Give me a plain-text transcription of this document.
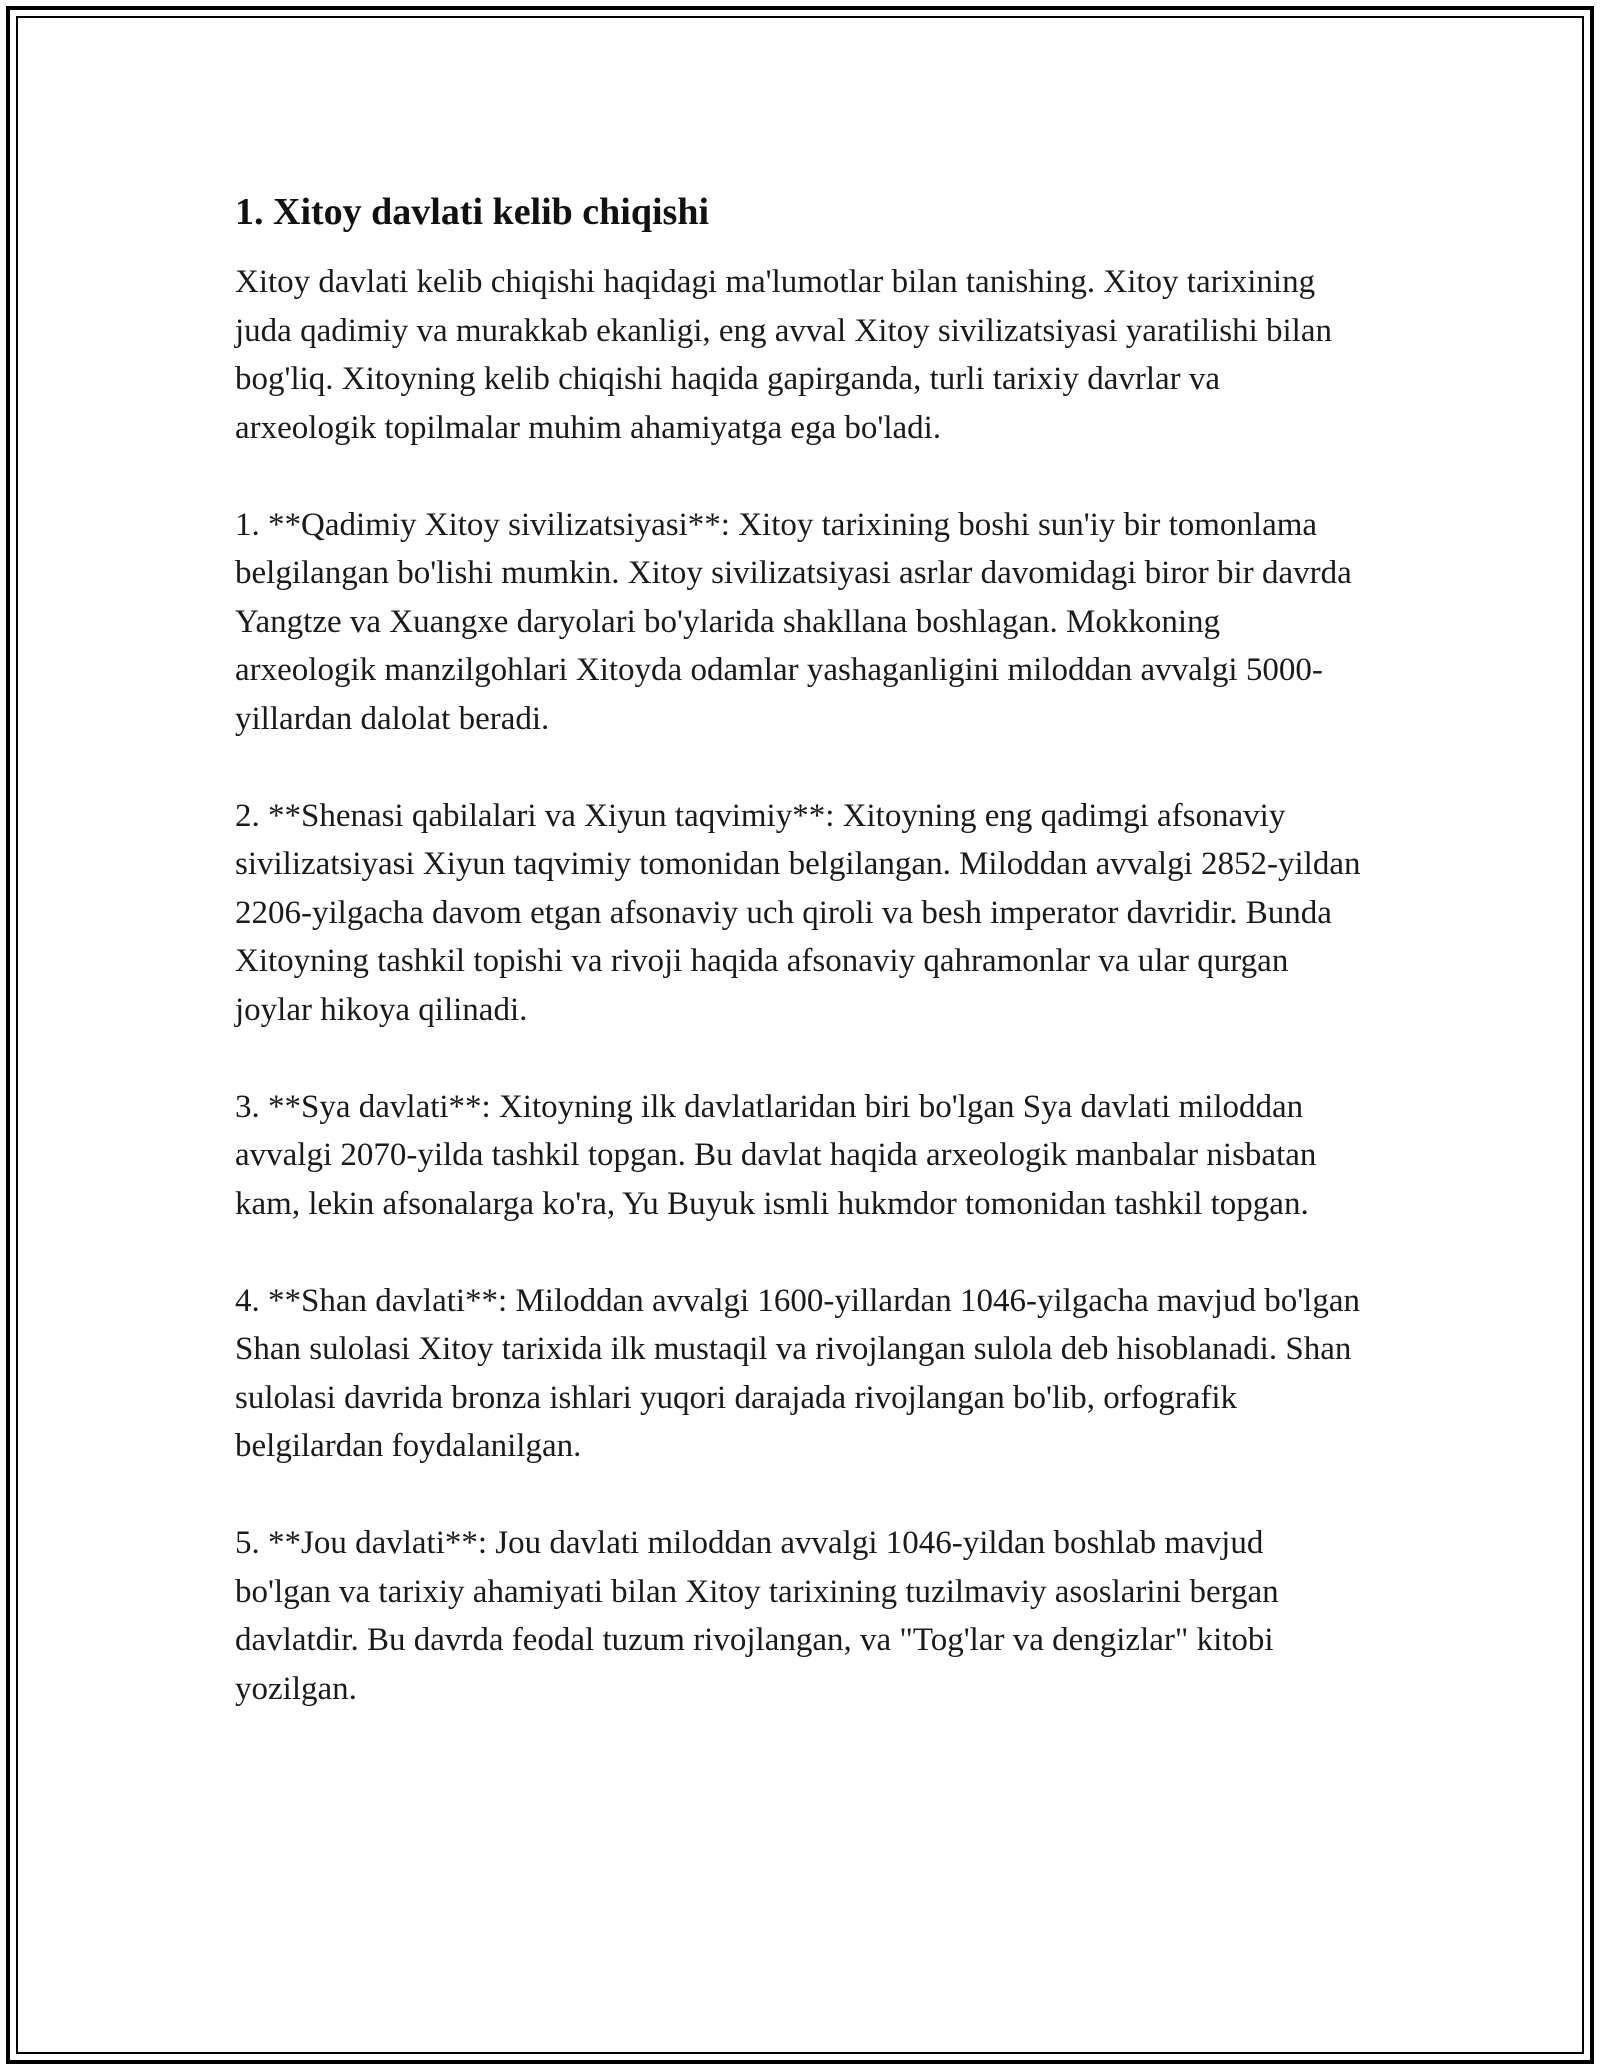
1. Xitoy davlati kelib chiqishi

Xitoy davlati kelib chiqishi haqidagi ma'lumotlar bilan tanishing. Xitoy tarixining juda qadimiy va murakkab ekanligi, eng avval Xitoy sivilizatsiyasi yaratilishi bilan bog'liq. Xitoyning kelib chiqishi haqida gapirganda, turli tarixiy davrlar va arxeologik topilmalar muhim ahamiyatga ega bo'ladi.

1. **Qadimiy Xitoy sivilizatsiyasi**: Xitoy tarixining boshi sun'iy bir tomonlama belgilangan bo'lishi mumkin. Xitoy sivilizatsiyasi asrlar davomidagi biror bir davrda Yangtze va Xuangxe daryolari bo'ylarida shakllana boshlagan. Mokkoning arxeologik manzilgohlari Xitoyda odamlar yashaganligini miloddan avvalgi 5000-yillardan dalolat beradi.

2. **Shenasi qabilalari va Xiyun taqvimiy**: Xitoyning eng qadimgi afsonaviy sivilizatsiyasi Xiyun taqvimiy tomonidan belgilangan. Miloddan avvalgi 2852-yildan 2206-yilgacha davom etgan afsonaviy uch qiroli va besh imperator davridir. Bunda Xitoyning tashkil topishi va rivoji haqida afsonaviy qahramonlar va ular qurgan joylar hikoya qilinadi.

3. **Sya davlati**: Xitoyning ilk davlatlaridan biri bo'lgan Sya davlati miloddan avvalgi 2070-yilda tashkil topgan. Bu davlat haqida arxeologik manbalar nisbatan kam, lekin afsonalarga ko'ra, Yu Buyuk ismli hukmdor tomonidan tashkil topgan.

4. **Shan davlati**: Miloddan avvalgi 1600-yillardan 1046-yilgacha mavjud bo'lgan Shan sulolasi Xitoy tarixida ilk mustaqil va rivojlangan sulola deb hisoblanadi. Shan sulolasi davrida bronza ishlari yuqori darajada rivojlangan bo'lib, orfografik belgilardan foydalanilgan.

5. **Jou davlati**: Jou davlati miloddan avvalgi 1046-yildan boshlab mavjud bo'lgan va tarixiy ahamiyati bilan Xitoy tarixining tuzilmaviy asoslarini bergan davlatdir. Bu davrda feodal tuzum rivojlangan, va "Tog'lar va dengizlar" kitobi yozilgan.
